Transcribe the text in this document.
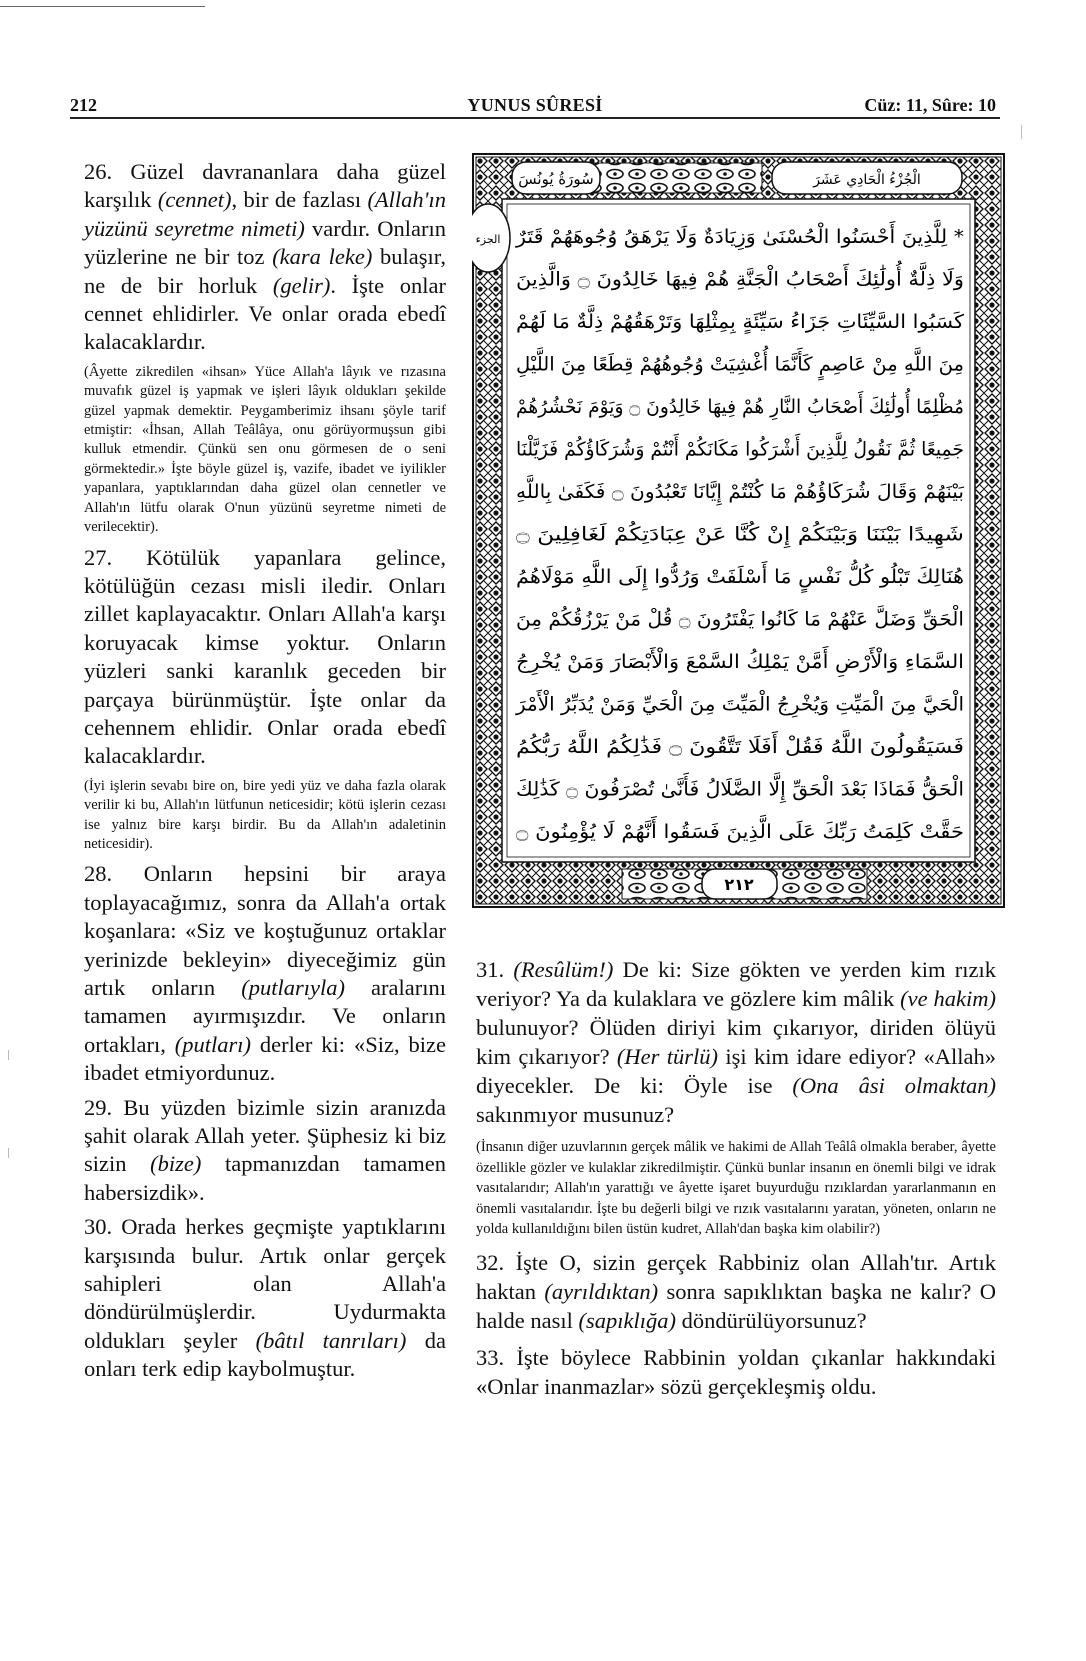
212	YUNUS SÛRESİ	Cüz: 11, Sûre: 10

26. Güzel davrananlara daha güzel karşılık (cennet), bir de fazlası (Allah'ın yüzünü seyretme nimeti) vardır. Onların yüzlerine ne bir toz (kara leke) bulaşır, ne de bir horluk (gelir). İşte onlar cennet ehlidirler. Ve onlar orada ebedî kalacaklardır.

(Âyette zikredilen «ihsan» Yüce Allah'a lâyık ve rızasına muvafık güzel iş yapmak ve işleri lâyık oldukları şekilde güzel yapmak demektir. Peygamberimiz ihsanı şöyle tarif etmiştir: «İhsan, Allah Teâlâya, onu görüyormuşsun gibi kulluk etmendir. Çünkü sen onu görmesen de o seni görmektedir.» İşte böyle güzel iş, vazife, ibadet ve iyilikler yapanlara, yaptıklarından daha güzel olan cennetler ve Allah'ın lütfu olarak O'nun yüzünü seyretme nimeti de verilecektir).

27. Kötülük yapanlara gelince, kötülüğün cezası misli iledir. Onları zillet kaplayacaktır. Onları Allah'a karşı koruyacak kimse yoktur. Onların yüzleri sanki karanlık geceden bir parçaya bürünmüştür. İşte onlar da cehennem ehlidir. Onlar orada ebedî kalacaklardır.

(İyi işlerin sevabı bire on, bire yedi yüz ve daha fazla olarak verilir ki bu, Allah'ın lütfunun neticesidir; kötü işlerin cezası ise yalnız bire karşı birdir. Bu da Allah'ın adaletinin neticesidir).

28. Onların hepsini bir araya toplayacağımız, sonra da Allah'a ortak koşanlara: «Siz ve koştuğunuz ortaklar yerinizde bekleyin» diyeceğimiz gün artık onların (putlarıyla) aralarını tamamen ayırmışızdır. Ve onların ortakları, (putları) derler ki: «Siz, bize ibadet etmiyordunuz.

29. Bu yüzden bizimle sizin aranızda şahit olarak Allah yeter. Şüphesiz ki biz sizin (bize) tapmanızdan tamamen habersizdik».

30. Orada herkes geçmişte yaptıklarını karşısında bulur. Artık onlar gerçek sahipleri olan Allah'a döndürülmüşlerdir. Uydurmakta oldukları şeyler (bâtıl tanrıları) da onları terk edip kaybolmuştur.

سُورَةُ يُونُسَ	الْجُزْءُ الْحَادِي عَشَرَ
الجزء
٢١٢
* لِلَّذِينَ أَحْسَنُوا الْحُسْنَىٰ وَزِيَادَةٌ وَلَا يَرْهَقُ وُجُوهَهُمْ قَتَرٌ
وَلَا ذِلَّةٌ أُولَٰئِكَ أَصْحَابُ الْجَنَّةِ هُمْ فِيهَا خَالِدُونَ ۝ وَالَّذِينَ
كَسَبُوا السَّيِّئَاتِ جَزَاءُ سَيِّئَةٍ بِمِثْلِهَا وَتَرْهَقُهُمْ ذِلَّةٌ مَا لَهُمْ
مِنَ اللَّهِ مِنْ عَاصِمٍ كَأَنَّمَا أُغْشِيَتْ وُجُوهُهُمْ قِطَعًا مِنَ اللَّيْلِ
مُظْلِمًا أُولَٰئِكَ أَصْحَابُ النَّارِ هُمْ فِيهَا خَالِدُونَ ۝ وَيَوْمَ نَحْشُرُهُمْ
جَمِيعًا ثُمَّ نَقُولُ لِلَّذِينَ أَشْرَكُوا مَكَانَكُمْ أَنْتُمْ وَشُرَكَاؤُكُمْ فَزَيَّلْنَا
بَيْنَهُمْ وَقَالَ شُرَكَاؤُهُمْ مَا كُنْتُمْ إِيَّانَا تَعْبُدُونَ ۝ فَكَفَىٰ بِاللَّهِ
شَهِيدًا بَيْنَنَا وَبَيْنَكُمْ إِنْ كُنَّا عَنْ عِبَادَتِكُمْ لَغَافِلِينَ ۝
هُنَالِكَ تَبْلُو كُلُّ نَفْسٍ مَا أَسْلَفَتْ وَرُدُّوا إِلَى اللَّهِ مَوْلَاهُمُ
الْحَقِّ وَضَلَّ عَنْهُمْ مَا كَانُوا يَفْتَرُونَ ۝ قُلْ مَنْ يَرْزُقُكُمْ مِنَ
السَّمَاءِ وَالْأَرْضِ أَمَّنْ يَمْلِكُ السَّمْعَ وَالْأَبْصَارَ وَمَنْ يُخْرِجُ
الْحَيَّ مِنَ الْمَيِّتِ وَيُخْرِجُ الْمَيِّتَ مِنَ الْحَيِّ وَمَنْ يُدَبِّرُ الْأَمْرَ
فَسَيَقُولُونَ اللَّهُ فَقُلْ أَفَلَا تَتَّقُونَ ۝ فَذَٰلِكُمُ اللَّهُ رَبُّكُمُ
الْحَقُّ فَمَاذَا بَعْدَ الْحَقِّ إِلَّا الضَّلَالُ فَأَنَّىٰ تُصْرَفُونَ ۝ كَذَٰلِكَ
حَقَّتْ كَلِمَتُ رَبِّكَ عَلَى الَّذِينَ فَسَقُوا أَنَّهُمْ لَا يُؤْمِنُونَ ۝

31. (Resûlüm!) De ki: Size gökten ve yerden kim rızık veriyor? Ya da kulaklara ve gözlere kim mâlik (ve hakim) bulunuyor? Ölüden diriyi kim çıkarıyor, diriden ölüyü kim çıkarıyor? (Her türlü) işi kim idare ediyor? «Allah» diyecekler. De ki: Öyle ise (Ona âsi olmaktan) sakınmıyor musunuz?

(İnsanın diğer uzuvlarının gerçek mâlik ve hakimi de Allah Teâlâ olmakla beraber, âyette özellikle gözler ve kulaklar zikredilmiştir. Çünkü bunlar insanın en önemli bilgi ve idrak vasıtalarıdır; Allah'ın yarattığı ve âyette işaret buyurduğu rızıklardan yararlanmanın en önemli vasıtalarıdır. İşte bu değerli bilgi ve rızık vasıtalarını yaratan, yöneten, onların ne yolda kullanıldığını bilen üstün kudret, Allah'dan başka kim olabilir?)

32. İşte O, sizin gerçek Rabbiniz olan Allah'tır. Artık haktan (ayrıldıktan) sonra sapıklıktan başka ne kalır? O halde nasıl (sapıklığa) döndürülüyorsunuz?

33. İşte böylece Rabbinin yoldan çıkanlar hakkındaki «Onlar inanmazlar» sözü gerçekleşmiş oldu.
